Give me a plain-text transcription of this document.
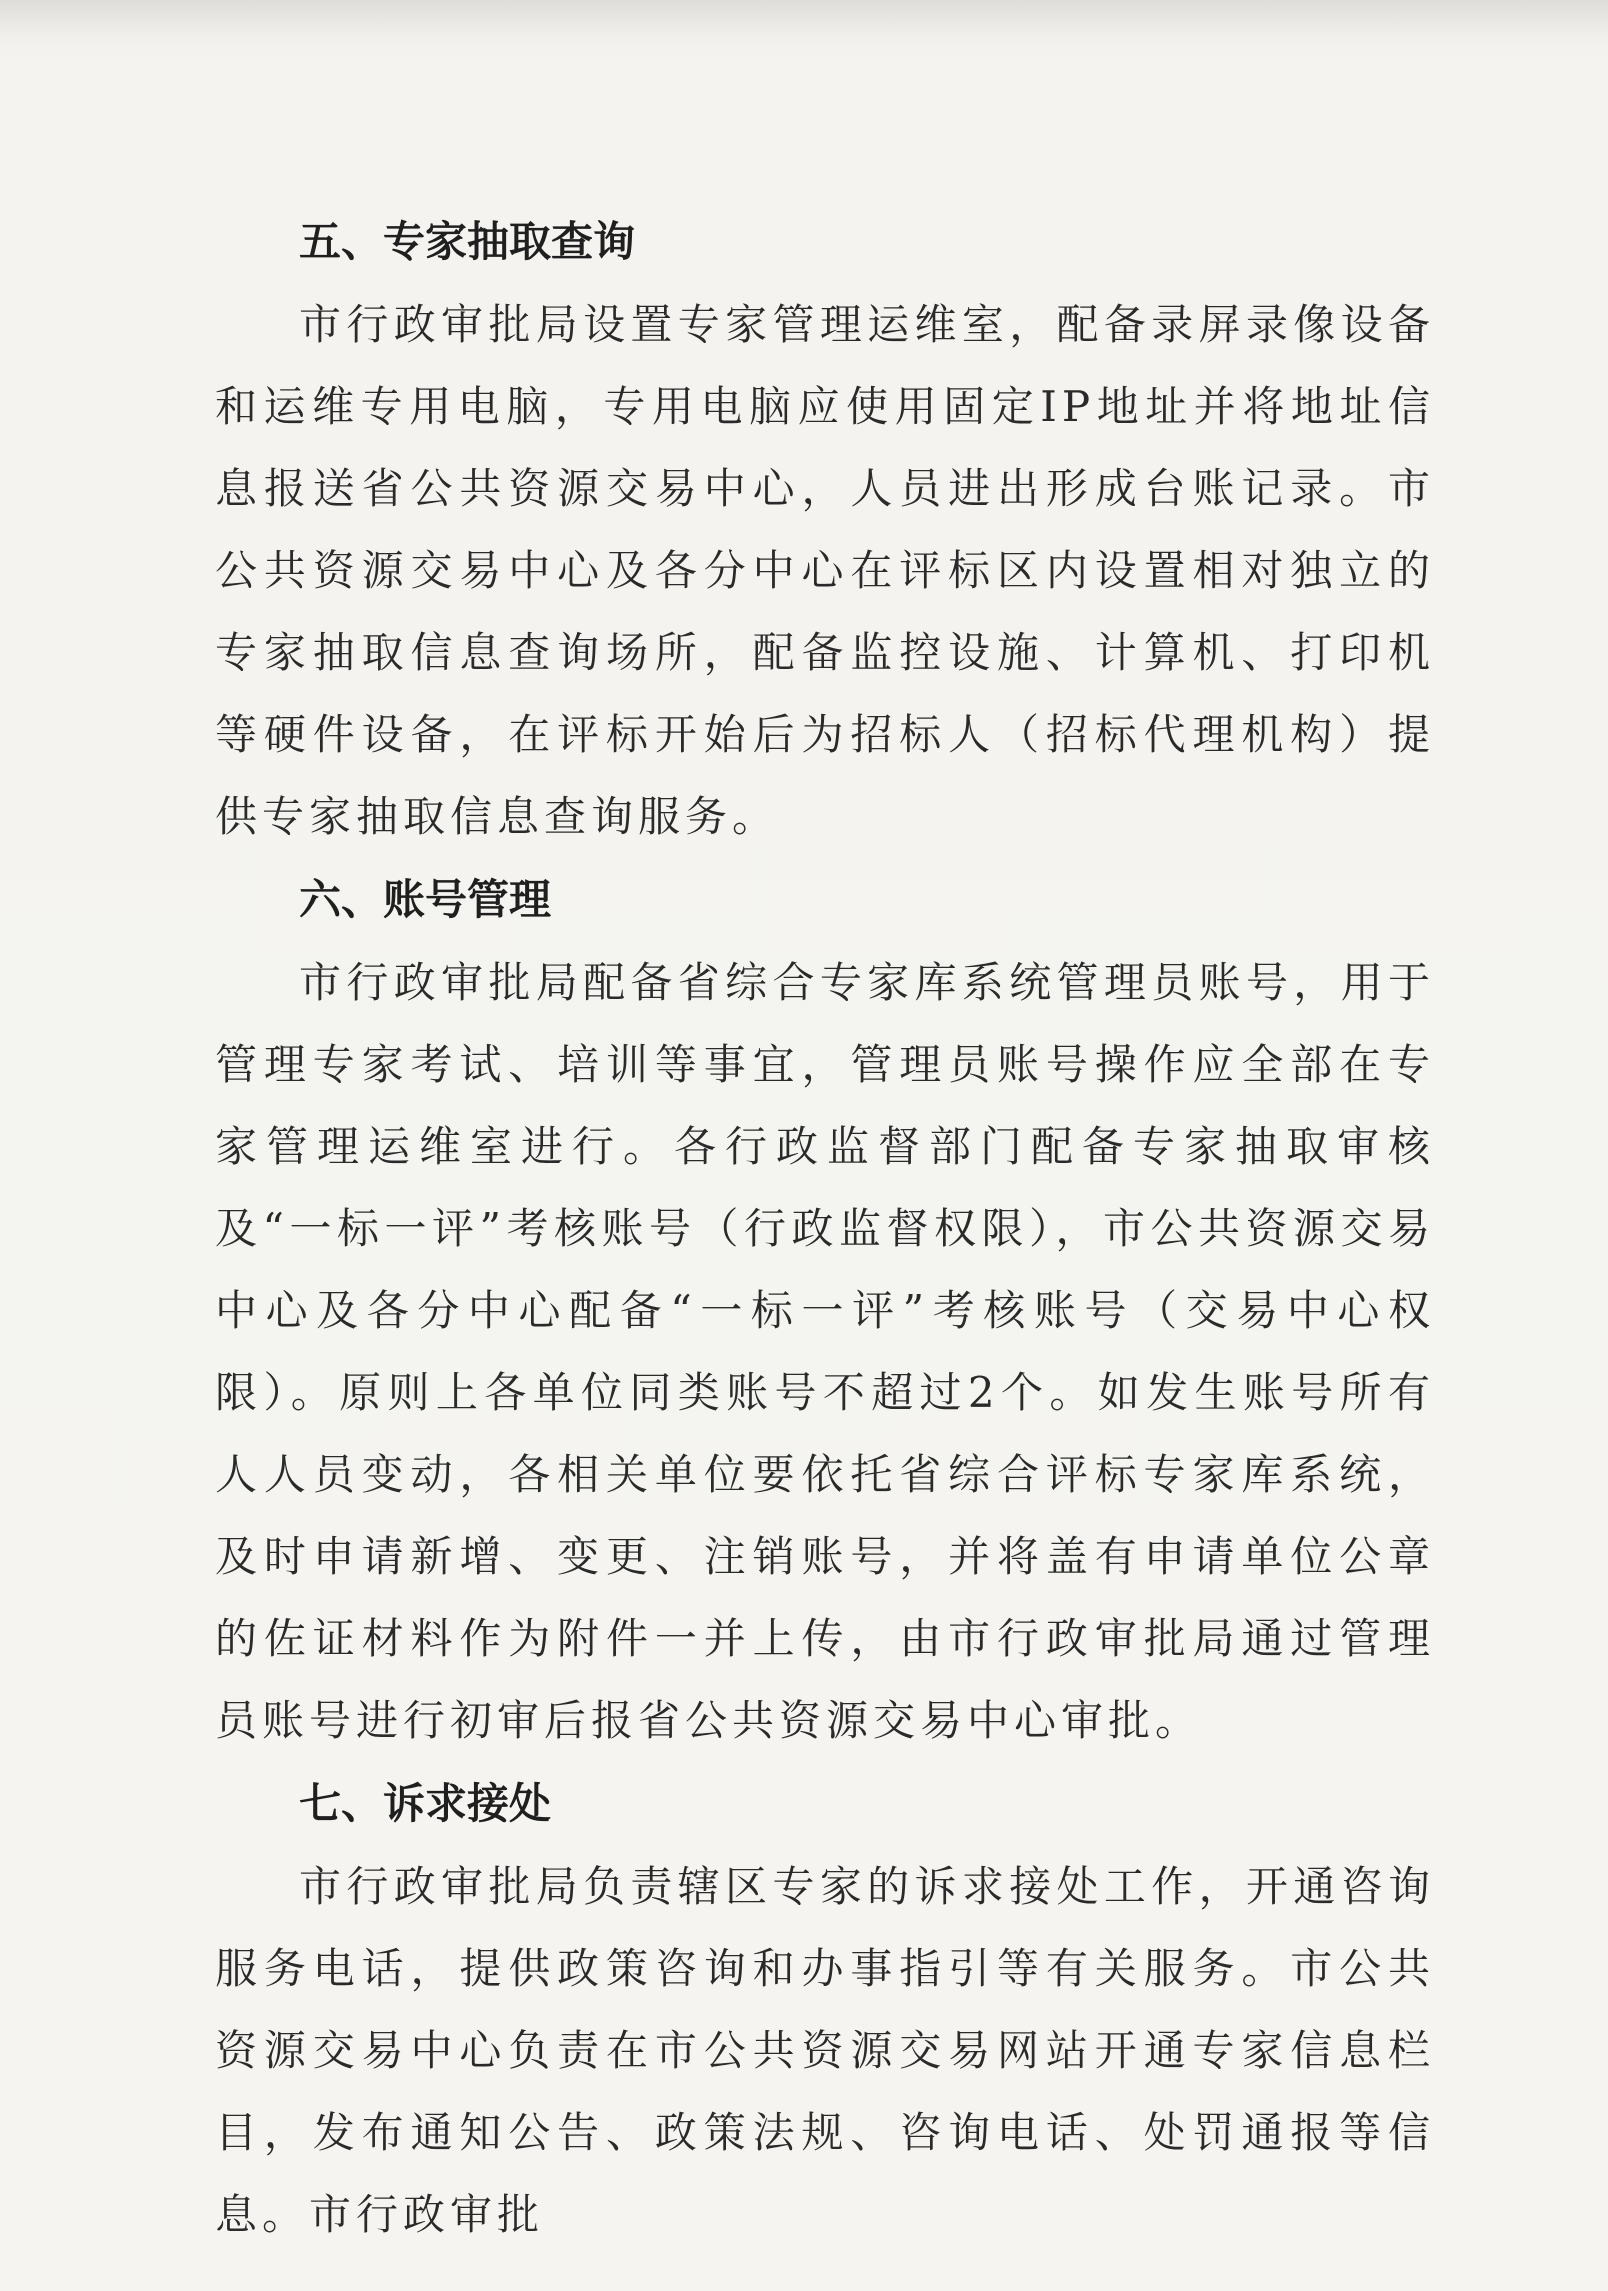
五、专家抽取查询

市行政审批局设置专家管理运维室，配备录屏录像设备和运维专用电脑，专用电脑应使用固定IP地址并将地址信息报送省公共资源交易中心，人员进出形成台账记录。市公共资源交易中心及各分中心在评标区内设置相对独立的专家抽取信息查询场所，配备监控设施、计算机、打印机等硬件设备，在评标开始后为招标人（招标代理机构）提供专家抽取信息查询服务。

六、账号管理

市行政审批局配备省综合专家库系统管理员账号，用于管理专家考试、培训等事宜，管理员账号操作应全部在专家管理运维室进行。各行政监督部门配备专家抽取审核及“一标一评”考核账号（行政监督权限），市公共资源交易中心及各分中心配备“一标一评”考核账号（交易中心权限）。原则上各单位同类账号不超过2个。如发生账号所有人人员变动，各相关单位要依托省综合评标专家库系统，及时申请新增、变更、注销账号，并将盖有申请单位公章的佐证材料作为附件一并上传，由市行政审批局通过管理员账号进行初审后报省公共资源交易中心审批。

七、诉求接处

市行政审批局负责辖区专家的诉求接处工作，开通咨询服务电话，提供政策咨询和办事指引等有关服务。市公共资源交易中心负责在市公共资源交易网站开通专家信息栏目，发布通知公告、政策法规、咨询电话、处罚通报等信息。市行政审批
